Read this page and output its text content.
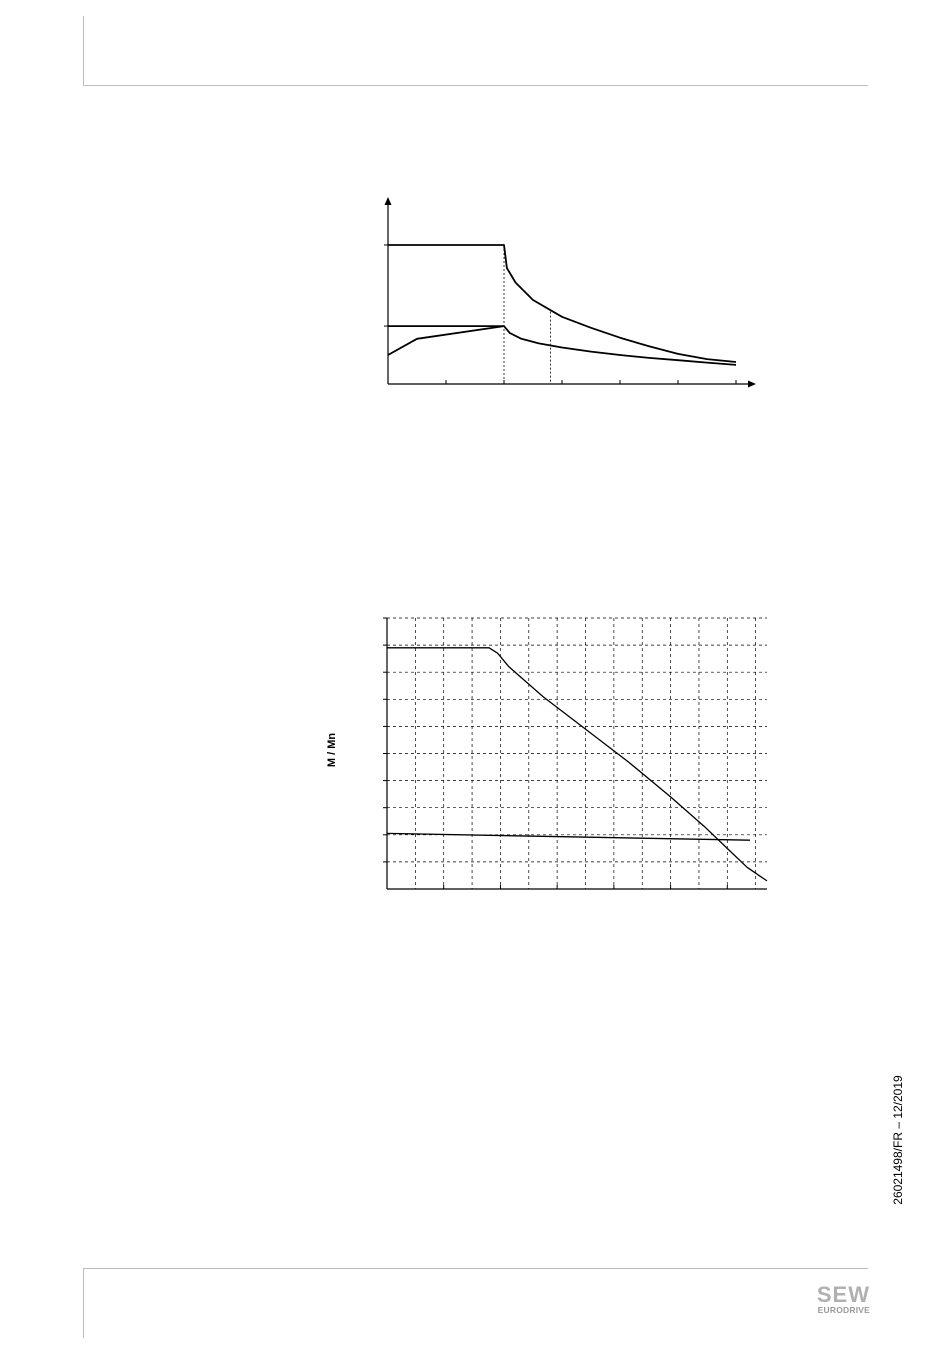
M / Mn
26021498/FR – 12/2019
SEW
EURODRIVE
